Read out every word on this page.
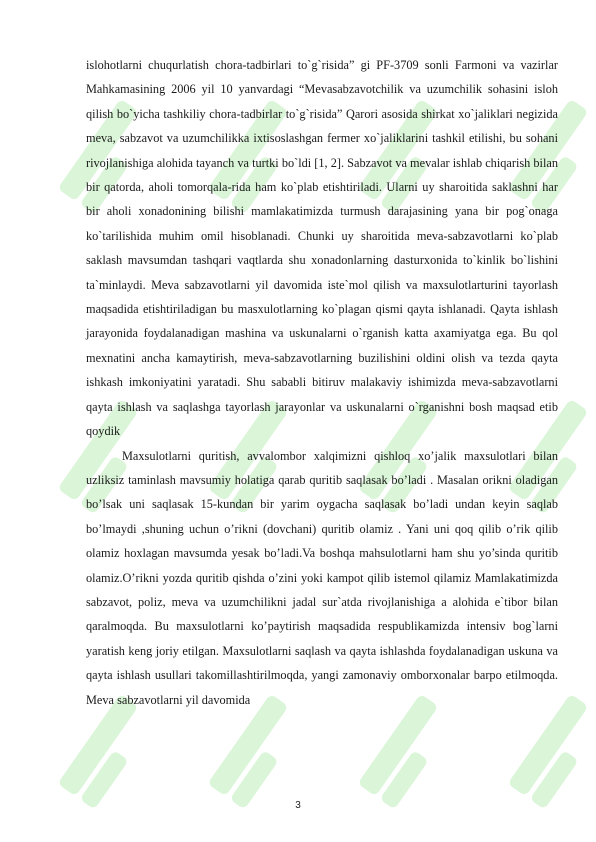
islohotlarni chuqurlatish chora-tadbirlari to`g`risida” gi PF-3709 sonli Farmoni va vazirlar Mahkamasining 2006 yil 10 yanvardagi “Mevasabzavotchilik va uzumchilik sohasini isloh qilish bo`yicha tashkiliy chora-tadbirlar to`g`risida” Qarori asosida shirkat xo`jaliklari negizida meva, sabzavot va uzumchilikka ixtisoslashgan fermer xo`jaliklarini tashkil etilishi, bu sohani rivojlanishiga alohida tayanch va turtki bo`ldi [1, 2]. Sabzavot va mevalar ishlab chiqarish bilan bir qatorda, aholi tomorqala-rida ham ko`plab etishtiriladi. Ularni uy sharoitida saklashni har bir aholi xonadonining bilishi mamlakatimizda turmush darajasining yana bir pog`onaga ko`tarilishida muhim omil hisoblanadi. Chunki uy sharoitida meva-sabzavotlarni ko`plab saklash mavsumdan tashqari vaqtlarda shu xonadonlarning dasturxonida to`kinlik bo`lishini ta`minlaydi. Meva sabzavotlarni yil davomida iste`mol qilish va maxsulotlarturini tayorlash maqsadida etishtiriladigan bu masxulotlarning ko`plagan qismi qayta ishlanadi. Qayta ishlash jarayonida foydalanadigan mashina va uskunalarni o`rganish katta axamiyatga ega. Bu qol mexnatini ancha kamaytirish, meva-sabzavotlarning buzilishini oldini olish va tezda qayta ishkash imkoniyatini yaratadi. Shu sababli bitiruv malakaviy ishimizda meva-sabzavotlarni qayta ishlash va saqlashga tayorlash jarayonlar va uskunalarni o`rganishni bosh maqsad etib qoydik

Maxsulotlarni quritish, avvalombor xalqimizni qishloq xo’jalik maxsulotlari bilan uzliksiz taminlash mavsumiy holatiga qarab quritib saqlasak bo’ladi . Masalan orikni oladigan bo’lsak uni saqlasak 15-kundan bir yarim oygacha saqlasak bo’ladi undan keyin saqlab bo’lmaydi ,shuning uchun o’rikni (dovchani) quritib olamiz . Yani uni qoq qilib o’rik qilib olamiz hoxlagan mavsumda yesak bo’ladi.Va boshqa mahsulotlarni ham shu yo’sinda quritib olamiz.O’rikni yozda quritib qishda o’zini yoki kampot qilib istemol qilamiz Mamlakatimizda sabzavot, poliz, meva va uzumchilikni jadal sur`atda rivojlanishiga a alohida e`tibor bilan qaralmoqda. Bu maxsulotlarni ko’paytirish maqsadida respublikamizda intensiv bog`larni yaratish keng joriy etilgan. Maxsulotlarni saqlash va qayta ishlashda foydalanadigan uskuna va qayta ishlash usullari takomillashtirilmoqda, yangi zamonaviy omborxonalar barpo etilmoqda. Meva sabzavotlarni yil davomida

3
